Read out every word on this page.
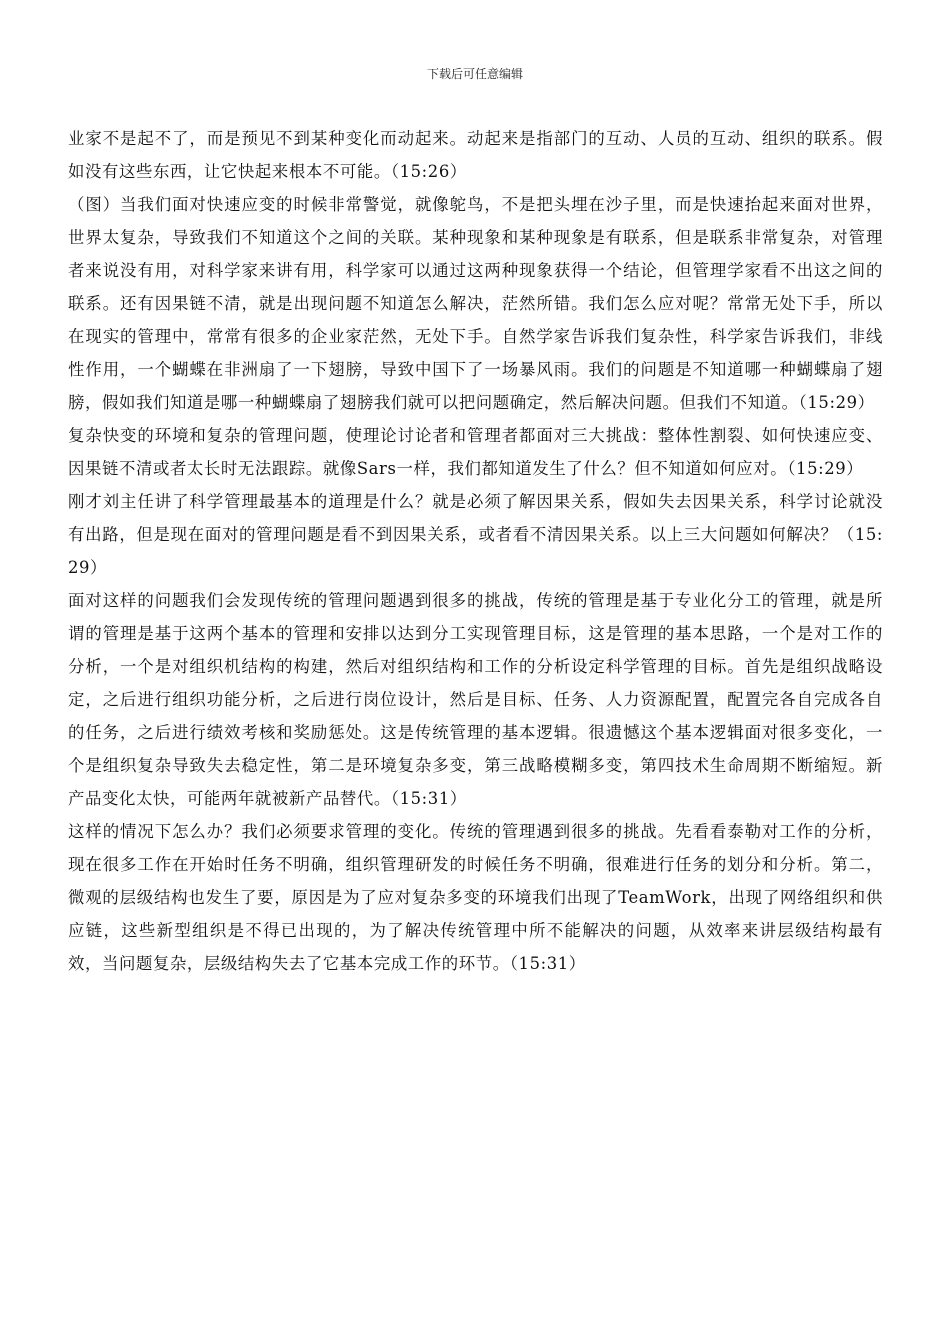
下载后可任意编辑

业家不是起不了，而是预见不到某种变化而动起来。动起来是指部门的互动、人员的互动、组织的联系。假如没有这些东西，让它快起来根本不可能。（15:26）

（图）当我们面对快速应变的时候非常警觉，就像鸵鸟，不是把头埋在沙子里，而是快速抬起来面对世界，世界太复杂，导致我们不知道这个之间的关联。某种现象和某种现象是有联系，但是联系非常复杂，对管理者来说没有用，对科学家来讲有用，科学家可以通过这两种现象获得一个结论，但管理学家看不出这之间的联系。还有因果链不清，就是出现问题不知道怎么解决，茫然所错。我们怎么应对呢？常常无处下手，所以在现实的管理中，常常有很多的企业家茫然，无处下手。自然学家告诉我们复杂性，科学家告诉我们，非线性作用，一个蝴蝶在非洲扇了一下翅膀，导致中国下了一场暴风雨。我们的问题是不知道哪一种蝴蝶扇了翅膀，假如我们知道是哪一种蝴蝶扇了翅膀我们就可以把问题确定，然后解决问题。但我们不知道。（15:29）

复杂快变的环境和复杂的管理问题，使理论讨论者和管理者都面对三大挑战：整体性割裂、如何快速应变、因果链不清或者太长时无法跟踪。就像Sars一样，我们都知道发生了什么？但不知道如何应对。（15:29）

刚才刘主任讲了科学管理最基本的道理是什么？就是必须了解因果关系，假如失去因果关系，科学讨论就没有出路，但是现在面对的管理问题是看不到因果关系，或者看不清因果关系。以上三大问题如何解决？（15:29）

面对这样的问题我们会发现传统的管理问题遇到很多的挑战，传统的管理是基于专业化分工的管理，就是所谓的管理是基于这两个基本的管理和安排以达到分工实现管理目标，这是管理的基本思路，一个是对工作的分析，一个是对组织机结构的构建，然后对组织结构和工作的分析设定科学管理的目标。首先是组织战略设定，之后进行组织功能分析，之后进行岗位设计，然后是目标、任务、人力资源配置，配置完各自完成各自的任务，之后进行绩效考核和奖励惩处。这是传统管理的基本逻辑。很遗憾这个基本逻辑面对很多变化，一个是组织复杂导致失去稳定性，第二是环境复杂多变，第三战略模糊多变，第四技术生命周期不断缩短。新产品变化太快，可能两年就被新产品替代。（15:31）

这样的情况下怎么办？我们必须要求管理的变化。传统的管理遇到很多的挑战。先看看泰勒对工作的分析，现在很多工作在开始时任务不明确，组织管理研发的时候任务不明确，很难进行任务的划分和分析。第二，微观的层级结构也发生了要，原因是为了应对复杂多变的环境我们出现了TeamWork，出现了网络组织和供应链，这些新型组织是不得已出现的，为了解决传统管理中所不能解决的问题，从效率来讲层级结构最有效，当问题复杂，层级结构失去了它基本完成工作的环节。（15:31）
